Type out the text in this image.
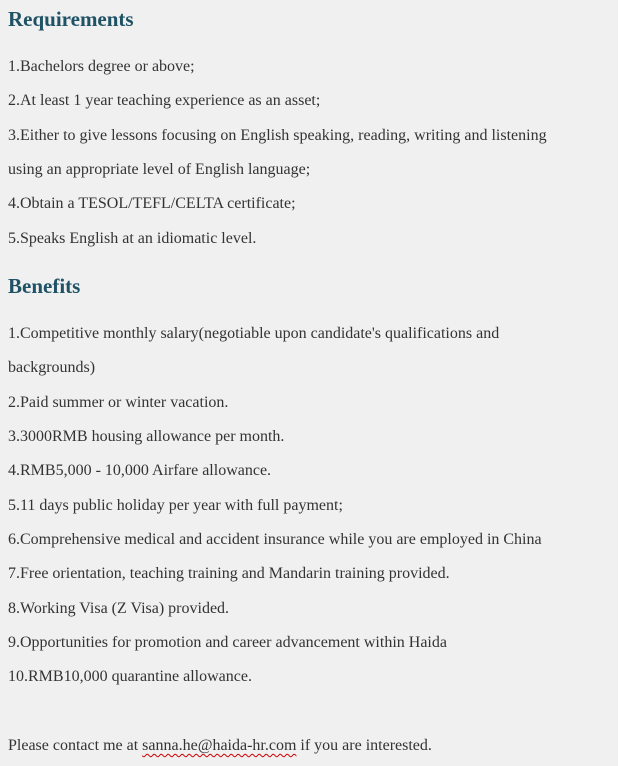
Requirements
1.Bachelors degree or above;
2.At least 1 year teaching experience as an asset;
3.Either to give lessons focusing on English speaking, reading, writing and listening
using an appropriate level of English language;
4.Obtain a TESOL/TEFL/CELTA certificate;
5.Speaks English at an idiomatic level.
Benefits
1.Competitive monthly salary(negotiable upon candidate's qualifications and
backgrounds)
2.Paid summer or winter vacation.
3.3000RMB housing allowance per month.
4.RMB5,000 - 10,000 Airfare allowance.
5.11 days public holiday per year with full payment;
6.Comprehensive medical and accident insurance while you are employed in China
7.Free orientation, teaching training and Mandarin training provided.
8.Working Visa (Z Visa) provided.
9.Opportunities for promotion and career advancement within Haida
10.RMB10,000 quarantine allowance.
Please contact me at sanna.he@haida-hr.com if you are interested.
